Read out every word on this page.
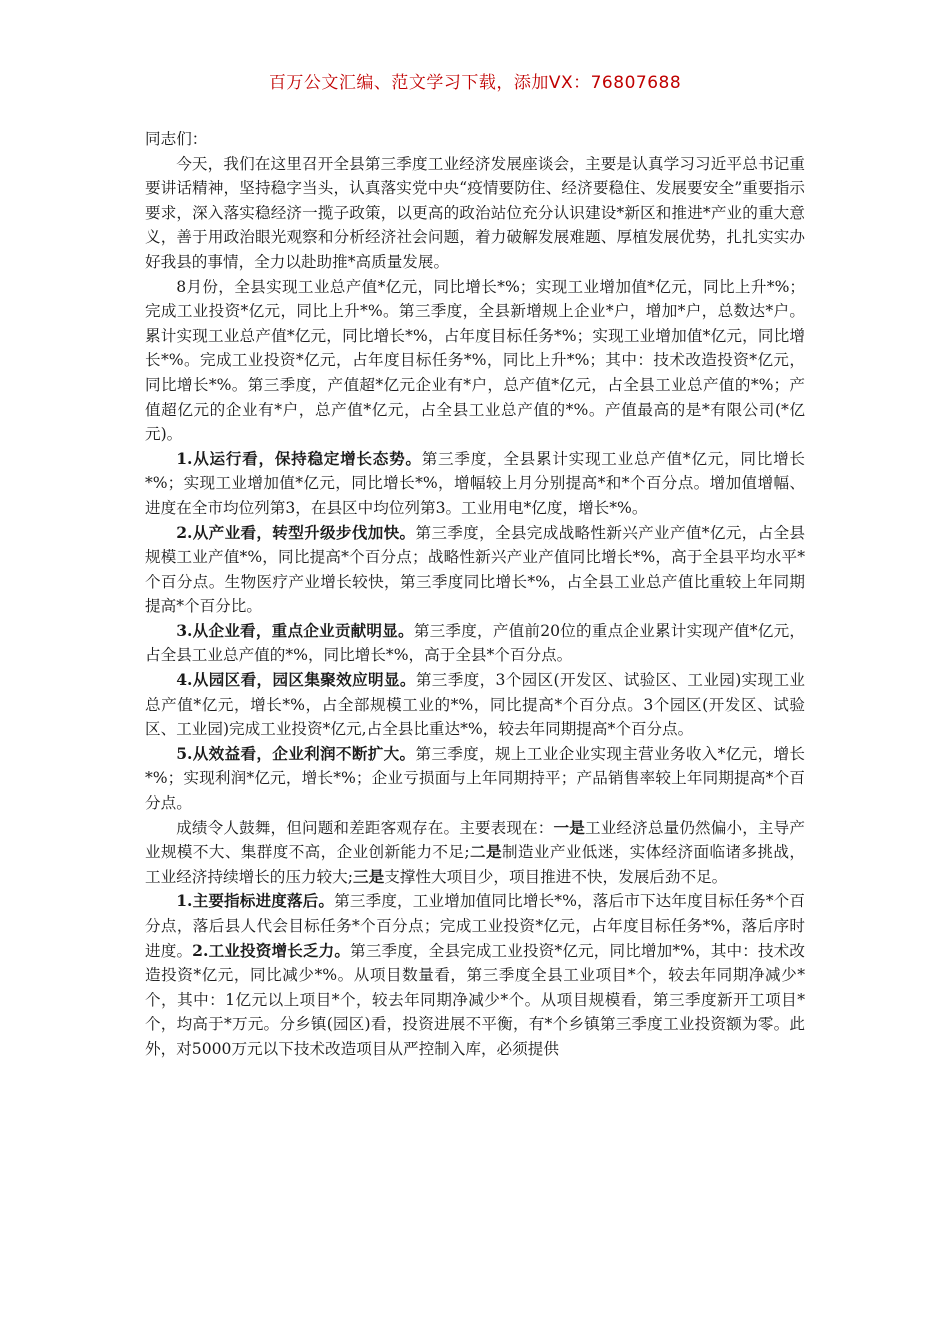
百万公文汇编、范文学习下载，添加VX：76807688

同志们：

今天，我们在这里召开全县第三季度工业经济发展座谈会，主要是认真学习习近平总书记重要讲话精神，坚持稳字当头，认真落实党中央“疫情要防住、经济要稳住、发展要安全”重要指示要求，深入落实稳经济一揽子政策，以更高的政治站位充分认识建设*新区和推进*产业的重大意义，善于用政治眼光观察和分析经济社会问题，着力破解发展难题、厚植发展优势，扎扎实实办好我县的事情，全力以赴助推*高质量发展。

8月份，全县实现工业总产值*亿元，同比增长*%；实现工业增加值*亿元，同比上升*%；完成工业投资*亿元，同比上升*%。第三季度，全县新增规上企业*户，增加*户，总数达*户。累计实现工业总产值*亿元，同比增长*%，占年度目标任务*%；实现工业增加值*亿元，同比增长*%。完成工业投资*亿元，占年度目标任务*%，同比上升*%；其中：技术改造投资*亿元，同比增长*%。第三季度，产值超*亿元企业有*户，总产值*亿元，占全县工业总产值的*%；产值超亿元的企业有*户，总产值*亿元，占全县工业总产值的*%。产值最高的是*有限公司(*亿元)。

1.从运行看，保持稳定增长态势。第三季度，全县累计实现工业总产值*亿元，同比增长*%；实现工业增加值*亿元，同比增长*%，增幅较上月分别提高*和*个百分点。增加值增幅、进度在全市均位列第3，在县区中均位列第3。工业用电*亿度，增长*%。

2.从产业看，转型升级步伐加快。第三季度，全县完成战略性新兴产业产值*亿元，占全县规模工业产值*%，同比提高*个百分点；战略性新兴产业产值同比增长*%，高于全县平均水平*个百分点。生物医疗产业增长较快，第三季度同比增长*%，占全县工业总产值比重较上年同期提高*个百分比。

3.从企业看，重点企业贡献明显。第三季度，产值前20位的重点企业累计实现产值*亿元，占全县工业总产值的*%，同比增长*%，高于全县*个百分点。

4.从园区看，园区集聚效应明显。第三季度，3个园区(开发区、试验区、工业园)实现工业总产值*亿元，增长*%，占全部规模工业的*%，同比提高*个百分点。3个园区(开发区、试验区、工业园)完成工业投资*亿元,占全县比重达*%，较去年同期提高*个百分点。

5.从效益看，企业利润不断扩大。第三季度，规上工业企业实现主营业务收入*亿元，增长*%；实现利润*亿元，增长*%；企业亏损面与上年同期持平；产品销售率较上年同期提高*个百分点。

成绩令人鼓舞，但问题和差距客观存在。主要表现在：一是工业经济总量仍然偏小，主导产业规模不大、集群度不高，企业创新能力不足;二是制造业产业低迷，实体经济面临诸多挑战，工业经济持续增长的压力较大;三是支撑性大项目少，项目推进不快，发展后劲不足。

1.主要指标进度落后。第三季度，工业增加值同比增长*%，落后市下达年度目标任务*个百分点，落后县人代会目标任务*个百分点；完成工业投资*亿元，占年度目标任务*%，落后序时进度。2.工业投资增长乏力。第三季度，全县完成工业投资*亿元，同比增加*%，其中：技术改造投资*亿元，同比减少*%。从项目数量看，第三季度全县工业项目*个，较去年同期净减少*个，其中：1亿元以上项目*个，较去年同期净减少*个。从项目规模看，第三季度新开工项目*个，均高于*万元。分乡镇(园区)看，投资进展不平衡，有*个乡镇第三季度工业投资额为零。此外，对5000万元以下技术改造项目从严控制入库，必须提供
